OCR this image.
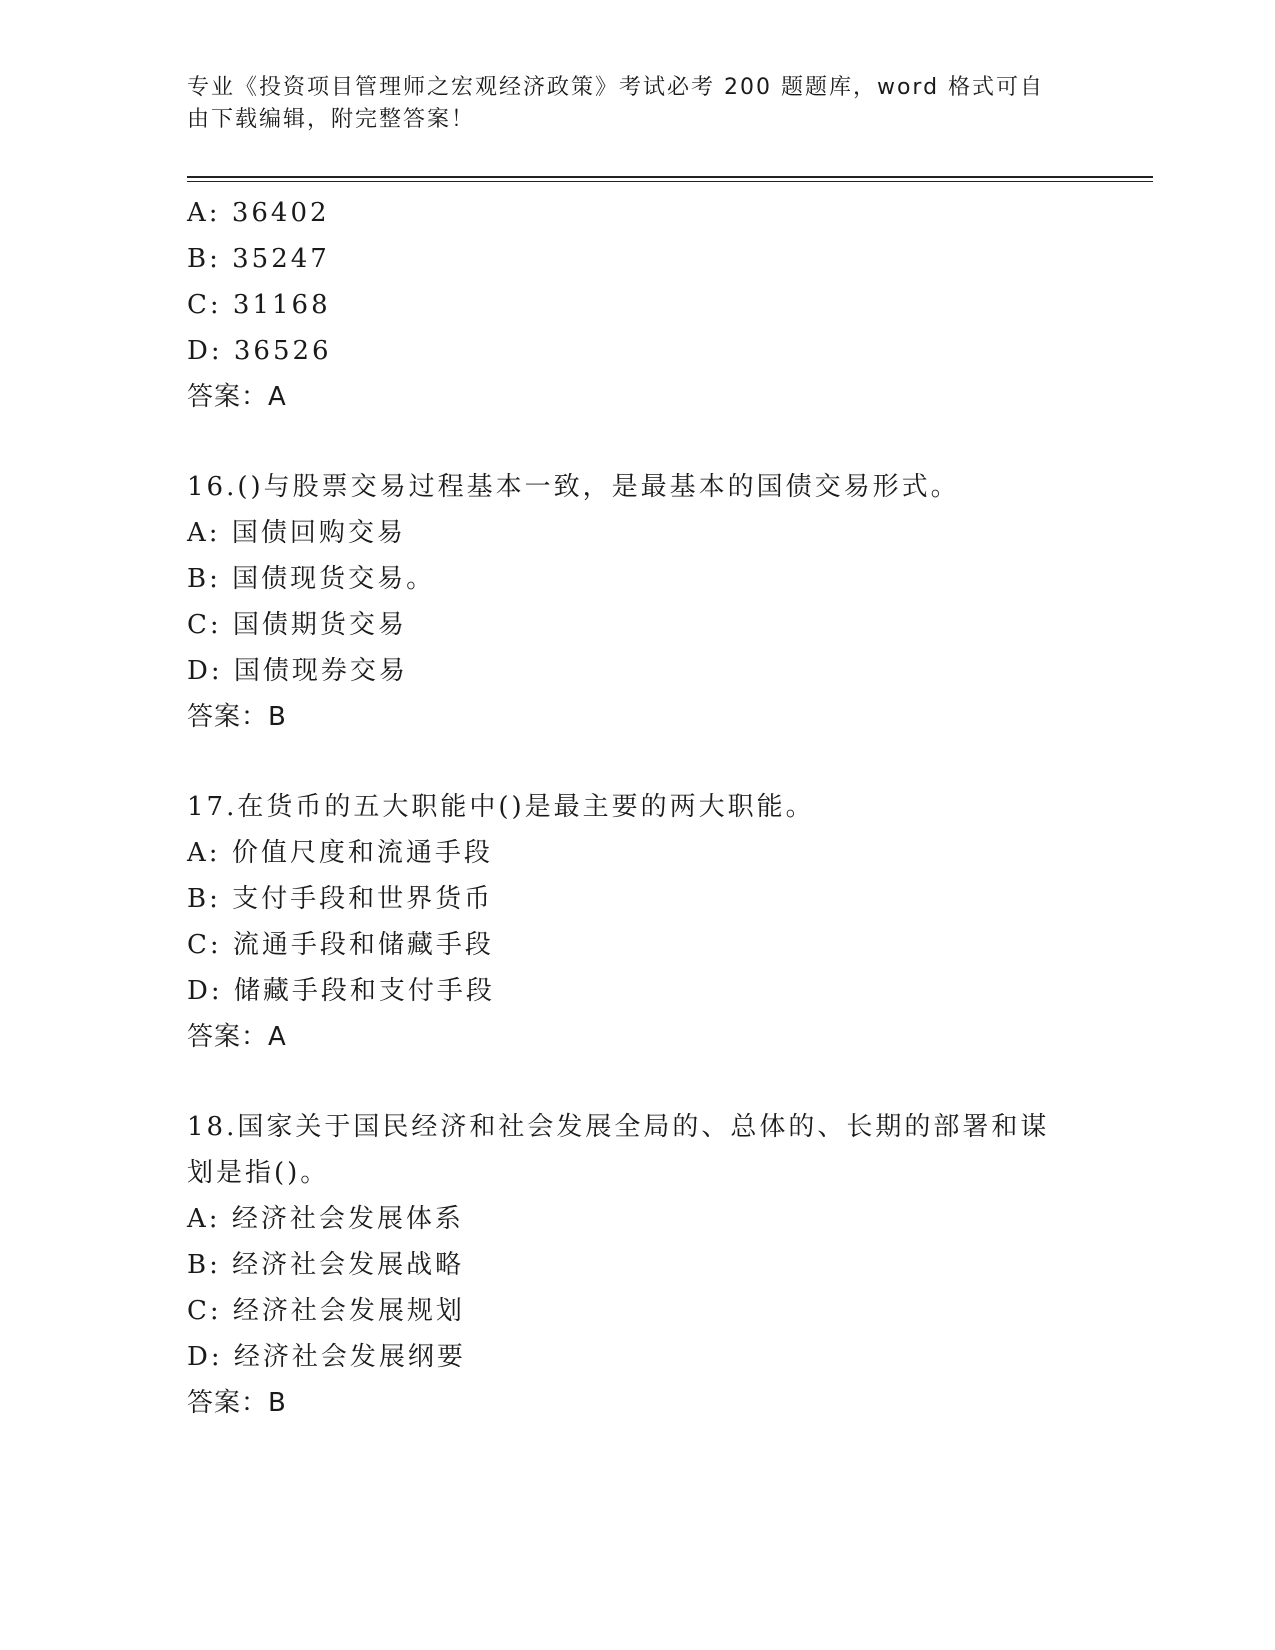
专业《投资项目管理师之宏观经济政策》考试必考 200 题题库，word 格式可自由下载编辑，附完整答案！
A: 36402
B: 35247
C: 31168
D: 36526
答案：A
16.()与股票交易过程基本一致，是最基本的国债交易形式。
A: 国债回购交易
B: 国债现货交易。
C: 国债期货交易
D: 国债现券交易
答案：B
17.在货币的五大职能中()是最主要的两大职能。
A: 价值尺度和流通手段
B: 支付手段和世界货币
C: 流通手段和储藏手段
D: 储藏手段和支付手段
答案：A
18.国家关于国民经济和社会发展全局的、总体的、长期的部署和谋划是指()。
A: 经济社会发展体系
B: 经济社会发展战略
C: 经济社会发展规划
D: 经济社会发展纲要
答案：B
